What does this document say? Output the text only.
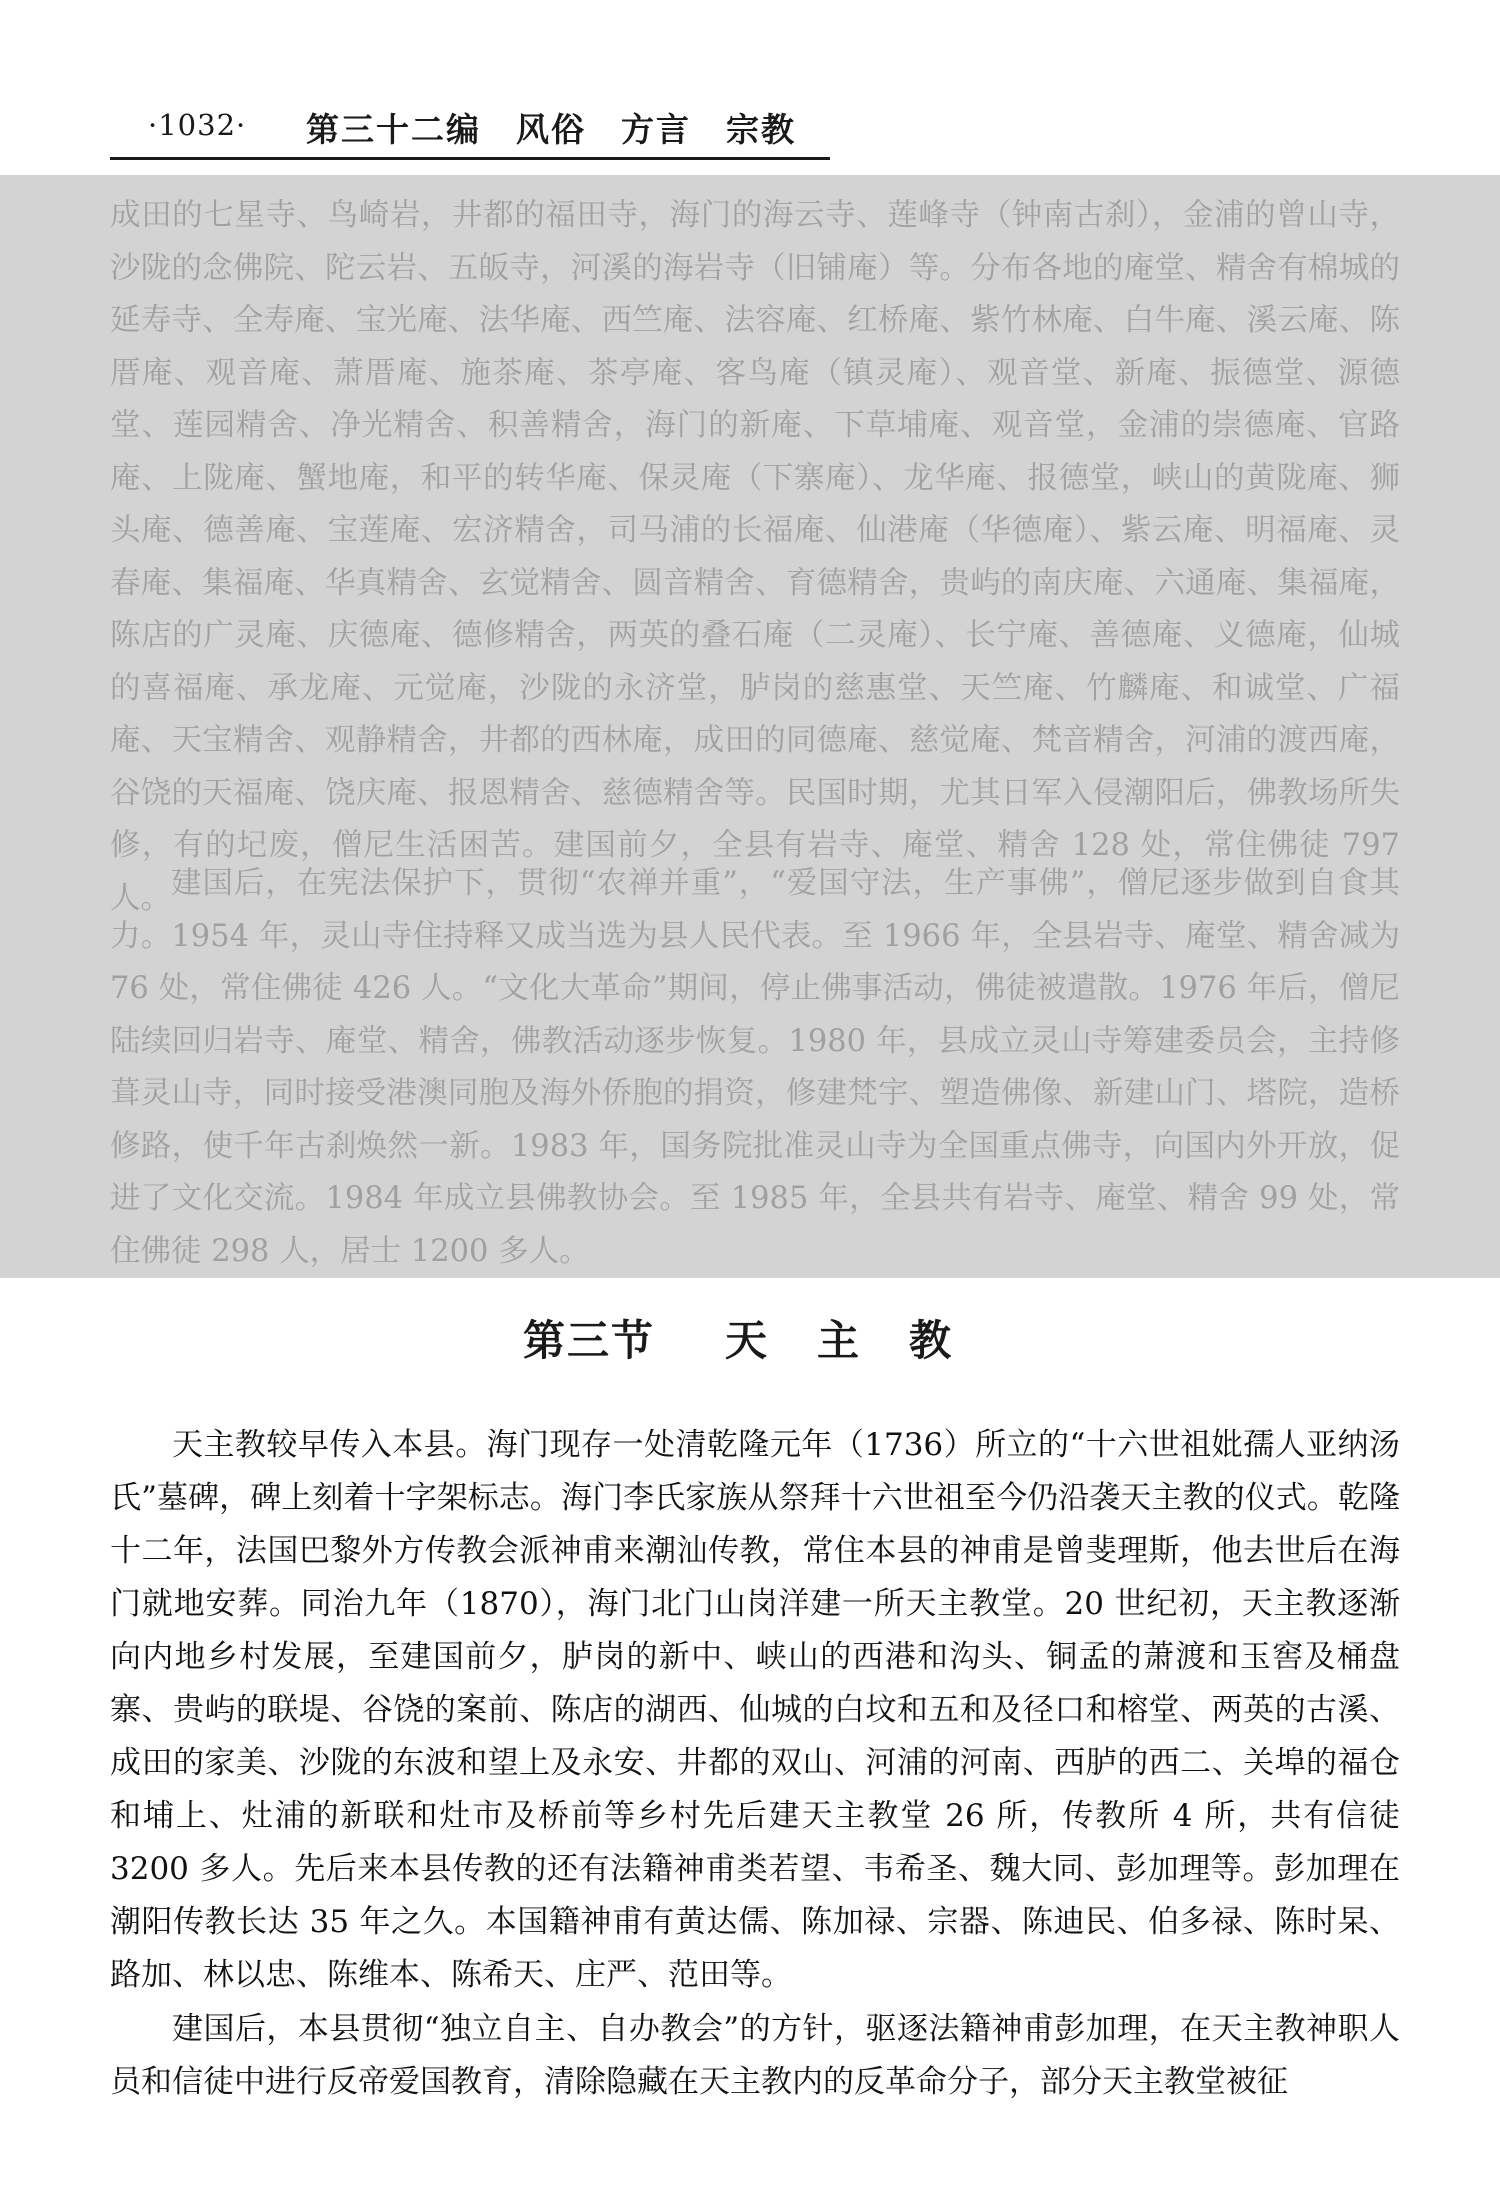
·1032· 第三十二编　风俗　方言　宗教

成田的七星寺、鸟崎岩，井都的福田寺，海门的海云寺、莲峰寺（钟南古刹），金浦的曾山寺，沙陇的念佛院、陀云岩、五皈寺，河溪的海岩寺（旧铺庵）等。分布各地的庵堂、精舍有棉城的延寿寺、全寿庵、宝光庵、法华庵、西竺庵、法容庵、红桥庵、紫竹林庵、白牛庵、溪云庵、陈厝庵、观音庵、萧厝庵、施茶庵、茶亭庵、客鸟庵（镇灵庵）、观音堂、新庵、振德堂、源德堂、莲园精舍、净光精舍、积善精舍，海门的新庵、下草埔庵、观音堂，金浦的崇德庵、官路庵、上陇庵、蟹地庵，和平的转华庵、保灵庵（下寨庵）、龙华庵、报德堂，峡山的黄陇庵、狮头庵、德善庵、宝莲庵、宏济精舍，司马浦的长福庵、仙港庵（华德庵）、紫云庵、明福庵、灵春庵、集福庵、华真精舍、玄觉精舍、圆音精舍、育德精舍，贵屿的南庆庵、六通庵、集福庵，陈店的广灵庵、庆德庵、德修精舍，两英的叠石庵（二灵庵）、长宁庵、善德庵、义德庵，仙城的喜福庵、承龙庵、元觉庵，沙陇的永济堂，胪岗的慈惠堂、天竺庵、竹麟庵、和诚堂、广福庵、天宝精舍、观静精舍，井都的西林庵，成田的同德庵、慈觉庵、梵音精舍，河浦的渡西庵，谷饶的天福庵、饶庆庵、报恩精舍、慈德精舍等。民国时期，尤其日军入侵潮阳后，佛教场所失修，有的圮废，僧尼生活困苦。建国前夕，全县有岩寺、庵堂、精舍 128 处，常住佛徒 797 人。 建国后，在宪法保护下，贯彻“农禅并重”，“爱国守法，生产事佛”，僧尼逐步做到自食其力。1954 年，灵山寺住持释又成当选为县人民代表。至 1966 年，全县岩寺、庵堂、精舍减为 76 处，常住佛徒 426 人。“文化大革命”期间，停止佛事活动，佛徒被遣散。1976 年后，僧尼陆续回归岩寺、庵堂、精舍，佛教活动逐步恢复。1980 年，县成立灵山寺筹建委员会，主持修葺灵山寺，同时接受港澳同胞及海外侨胞的捐资，修建梵宇、塑造佛像、新建山门、塔院，造桥修路，使千年古刹焕然一新。1983 年，国务院批准灵山寺为全国重点佛寺，向国内外开放，促进了文化交流。1984 年成立县佛教协会。至 1985 年，全县共有岩寺、庵堂、精舍 99 处，常住佛徒 298 人，居士 1200 多人。

第三节 天 主 教

天主教较早传入本县。海门现存一处清乾隆元年（1736）所立的“十六世祖妣孺人亚纳汤氏”墓碑，碑上刻着十字架标志。海门李氏家族从祭拜十六世祖至今仍沿袭天主教的仪式。乾隆十二年，法国巴黎外方传教会派神甫来潮汕传教，常住本县的神甫是曾斐理斯，他去世后在海门就地安葬。同治九年（1870），海门北门山岗洋建一所天主教堂。20 世纪初，天主教逐渐向内地乡村发展，至建国前夕，胪岗的新中、峡山的西港和沟头、铜孟的萧渡和玉窖及桶盘寨、贵屿的联堤、谷饶的案前、陈店的湖西、仙城的白坟和五和及径口和榕堂、两英的古溪、成田的家美、沙陇的东波和望上及永安、井都的双山、河浦的河南、西胪的西二、关埠的福仓和埔上、灶浦的新联和灶市及桥前等乡村先后建天主教堂 26 所，传教所 4 所，共有信徒 3200 多人。先后来本县传教的还有法籍神甫类若望、韦希圣、魏大同、彭加理等。彭加理在潮阳传教长达 35 年之久。本国籍神甫有黄达儒、陈加禄、宗器、陈迪民、伯多禄、陈时杲、路加、林以忠、陈维本、陈希天、庄严、范田等。

建国后，本县贯彻“独立自主、自办教会”的方针，驱逐法籍神甫彭加理，在天主教神职人员和信徒中进行反帝爱国教育，清除隐藏在天主教内的反革命分子，部分天主教堂被征
